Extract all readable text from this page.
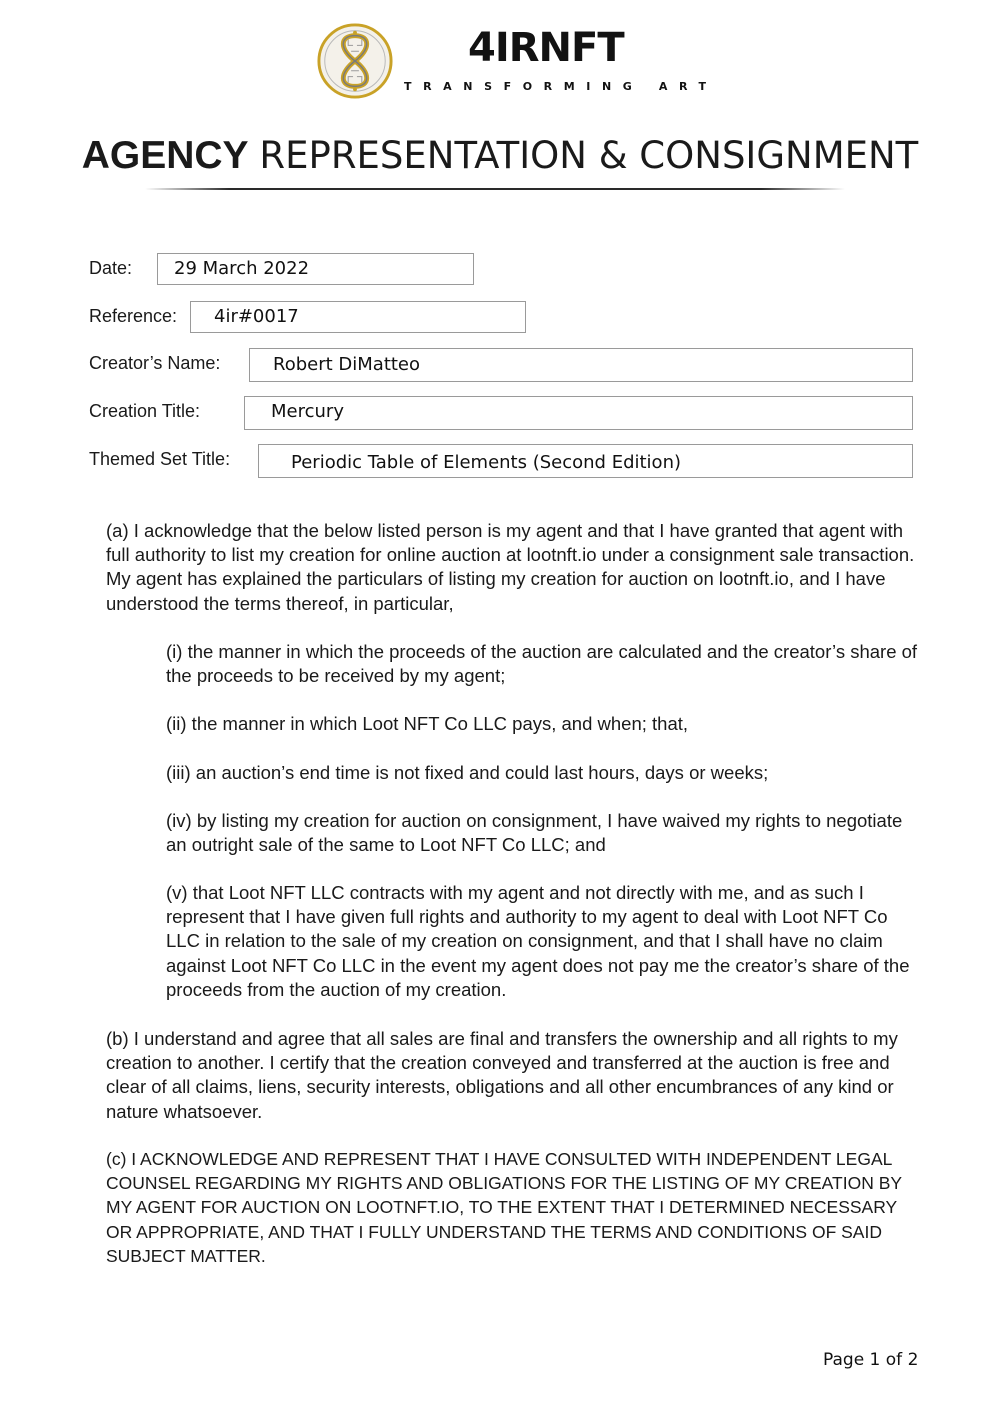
4IRNFT
TRANSFORMING ART
AGENCY REPRESENTATION & CONSIGNMENT
Date:	29 March 2022
Reference:	4ir#0017
Creator’s Name:	Robert DiMatteo
Creation Title:	Mercury
Themed Set Title:	Periodic Table of Elements (Second Edition)

(a) I acknowledge that the below listed person is my agent and that I have granted that agent with full authority to list my creation for online auction at lootnft.io under a consignment sale transaction. My agent has explained the particulars of listing my creation for auction on lootnft.io, and I have understood the terms thereof, in particular,

(i) the manner in which the proceeds of the auction are calculated and the creator’s share of the proceeds to be received by my agent;

(ii) the manner in which Loot NFT Co LLC pays, and when; that,

(iii) an auction’s end time is not fixed and could last hours, days or weeks;

(iv) by listing my creation for auction on consignment, I have waived my rights to negotiate an outright sale of the same to Loot NFT Co LLC; and

(v) that Loot NFT LLC contracts with my agent and not directly with me, and as such I represent that I have given full rights and authority to my agent to deal with Loot NFT Co LLC in relation to the sale of my creation on consignment, and that I shall have no claim against Loot NFT Co LLC in the event my agent does not pay me the creator’s share of the proceeds from the auction of my creation.

(b) I understand and agree that all sales are final and transfers the ownership and all rights to my creation to another. I certify that the creation conveyed and transferred at the auction is free and clear of all claims, liens, security interests, obligations and all other encumbrances of any kind or nature whatsoever.

(c) I ACKNOWLEDGE AND REPRESENT THAT I HAVE CONSULTED WITH INDEPENDENT LEGAL COUNSEL REGARDING MY RIGHTS AND OBLIGATIONS FOR THE LISTING OF MY CREATION BY MY AGENT FOR AUCTION ON LOOTNFT.IO, TO THE EXTENT THAT I DETERMINED NECESSARY OR APPROPRIATE, AND THAT I FULLY UNDERSTAND THE TERMS AND CONDITIONS OF SAID SUBJECT MATTER.

Page 1 of 2
